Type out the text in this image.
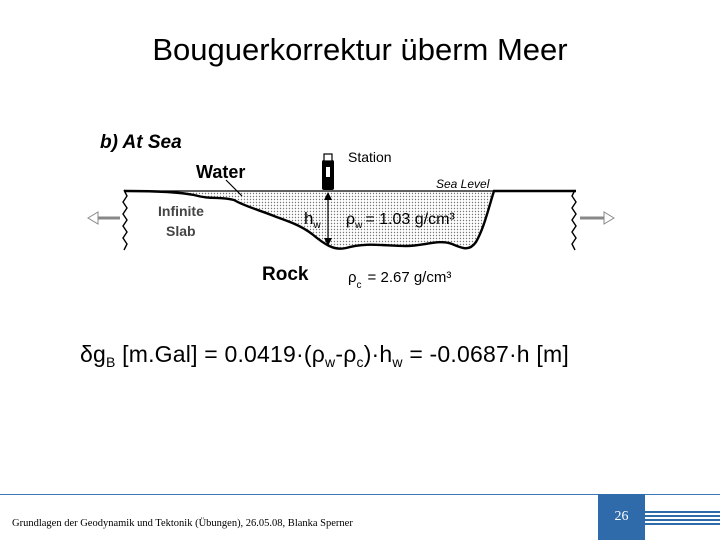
Bouguerkorrektur überm Meer
b) At Sea
Water
Station
Sea Level
Infinite
Slab
$h_w$ $\rho_w = 1.03$ g/cm³
Rock	$\rho_c = 2.67$ g/cm³
$\delta g_B$ $[m.Gal] = 0.0419\cdot(\rho_w-\rho_c)\cdot h_w = -0.0687\cdot h$ [m]
Grundlagen der Geodynamik und Tektonik (Übungen), 26.05.08, Blanka Sperner	26
